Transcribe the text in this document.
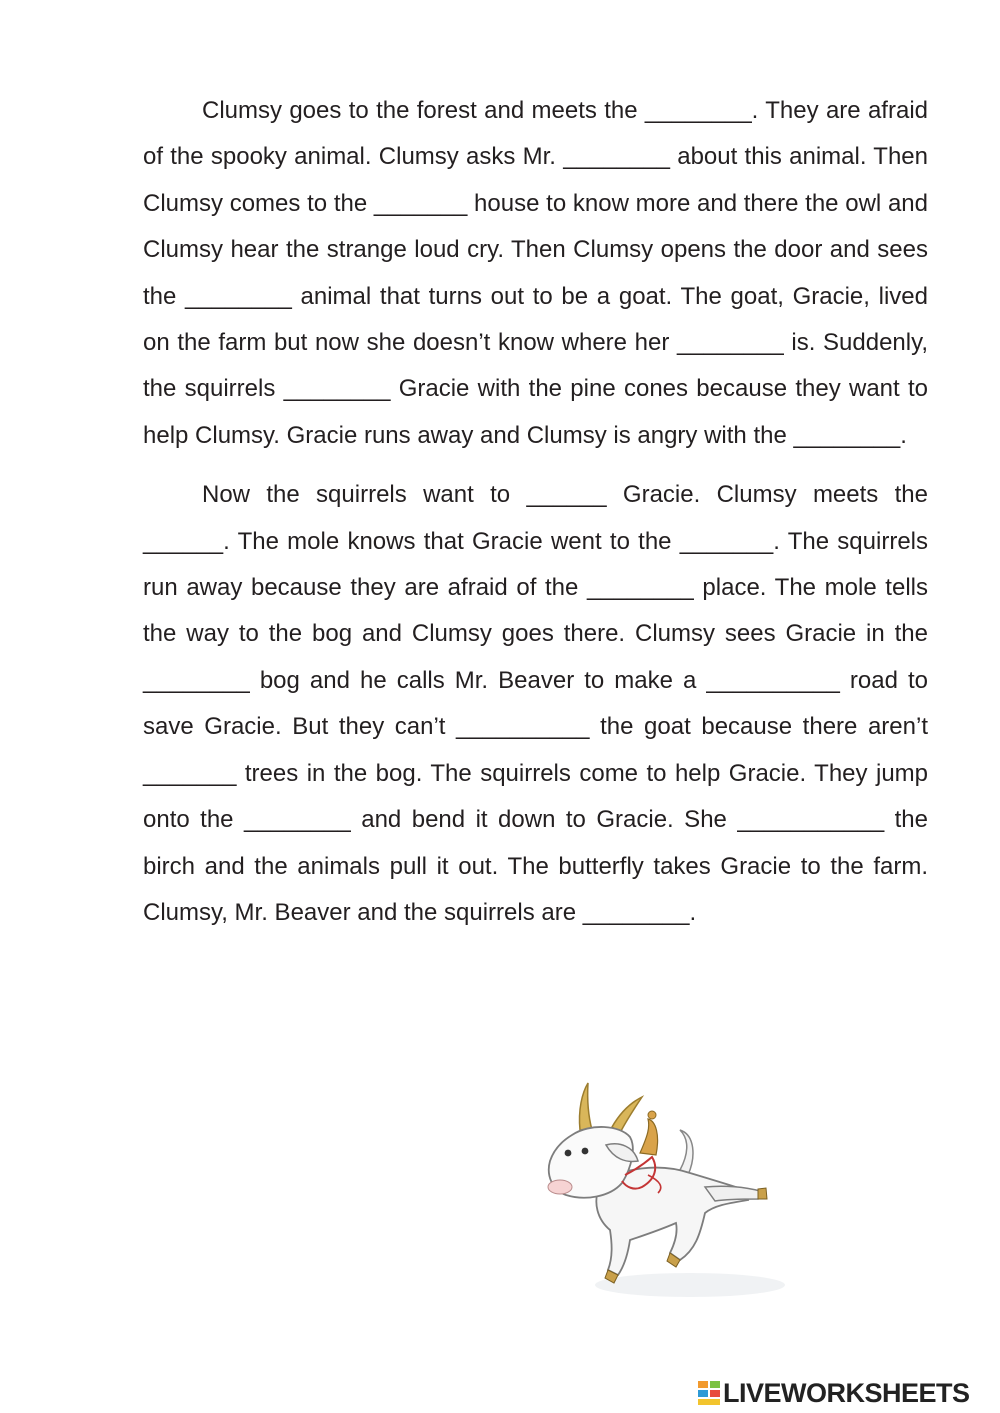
Clumsy goes to the forest and meets the ________. They are afraid of the spooky animal. Clumsy asks Mr. ________ about this animal. Then Clumsy comes to the _______ house to know more and there the owl and Clumsy hear the strange loud cry. Then Clumsy opens the door and sees the ________ animal that turns out to be a goat. The goat, Gracie, lived on the farm but now she doesn’t know where her ________ is. Suddenly, the squirrels ________ Gracie with the pine cones because they want to help Clumsy. Gracie runs away and Clumsy is angry with the ________.

Now the squirrels want to ______ Gracie. Clumsy meets the ______. The mole knows that Gracie went to the _______. The squirrels run away because they are afraid of the ________ place. The mole tells the way to the bog and Clumsy goes there. Clumsy sees Gracie in the ________ bog and he calls Mr. Beaver to make a __________ road to save Gracie. But they can’t __________ the goat because there aren’t _______ trees in the bog. The squirrels come to help Gracie. They jump onto the ________ and bend it down to Gracie. She ___________ the birch and the animals pull it out. The butterfly takes Gracie to the farm. Clumsy, Mr. Beaver and the squirrels are ________.

LIVEWORKSHEETS
